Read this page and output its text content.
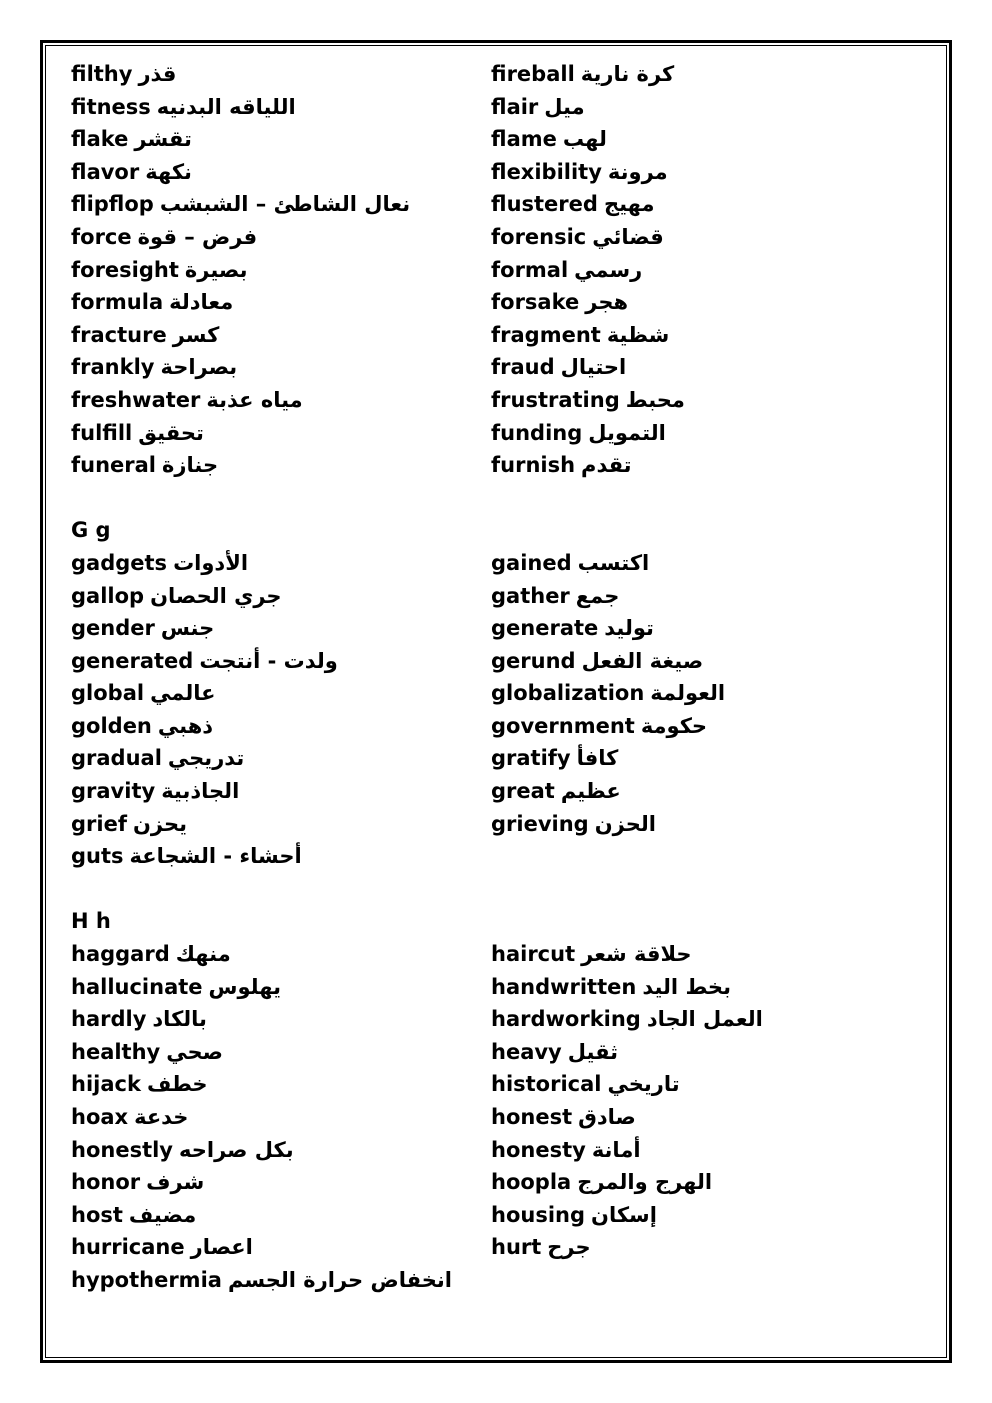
filthy قذر
fitness اللياقه البدنيه
flake تقشر
flavor نكهة
flipflop نعال الشاطئ – الشبشب
force فرض – قوة
foresight بصيرة
formula معادلة
fracture كسر
frankly بصراحة
freshwater مياه عذبة
fulfill تحقيق
funeral جنازة
G g
gadgets الأدوات
gallop جري الحصان
gender جنس
generated ولدت - أنتجت
global عالمي
golden ذهبي
gradual تدريجي
gravity الجاذبية
grief يحزن
guts أحشاء - الشجاعة
H h
haggard منهك
hallucinate يهلوس
hardly بالكاد
healthy صحي
hijack خطف
hoax خدعة
honestly بكل صراحه
honor شرف
host مضيف
hurricane اعصار
hypothermia انخفاض حرارة الجسم
fireball كرة نارية
flair ميل
flame لهب
flexibility مرونة
flustered مهيج
forensic قضائي
formal رسمي
forsake هجر
fragment شظية
fraud احتيال
frustrating محبط
funding التمويل
furnish تقدم
gained اكتسب
gather جمع
generate توليد
gerund صيغة الفعل
globalization العولمة
government حكومة
gratify كافأ
great عظيم
grieving الحزن
haircut حلاقة شعر
handwritten بخط اليد
hardworking العمل الجاد
heavy ثقيل
historical تاريخي
honest صادق
honesty أمانة
hoopla الهرج والمرج
housing إسكان
hurt جرح
